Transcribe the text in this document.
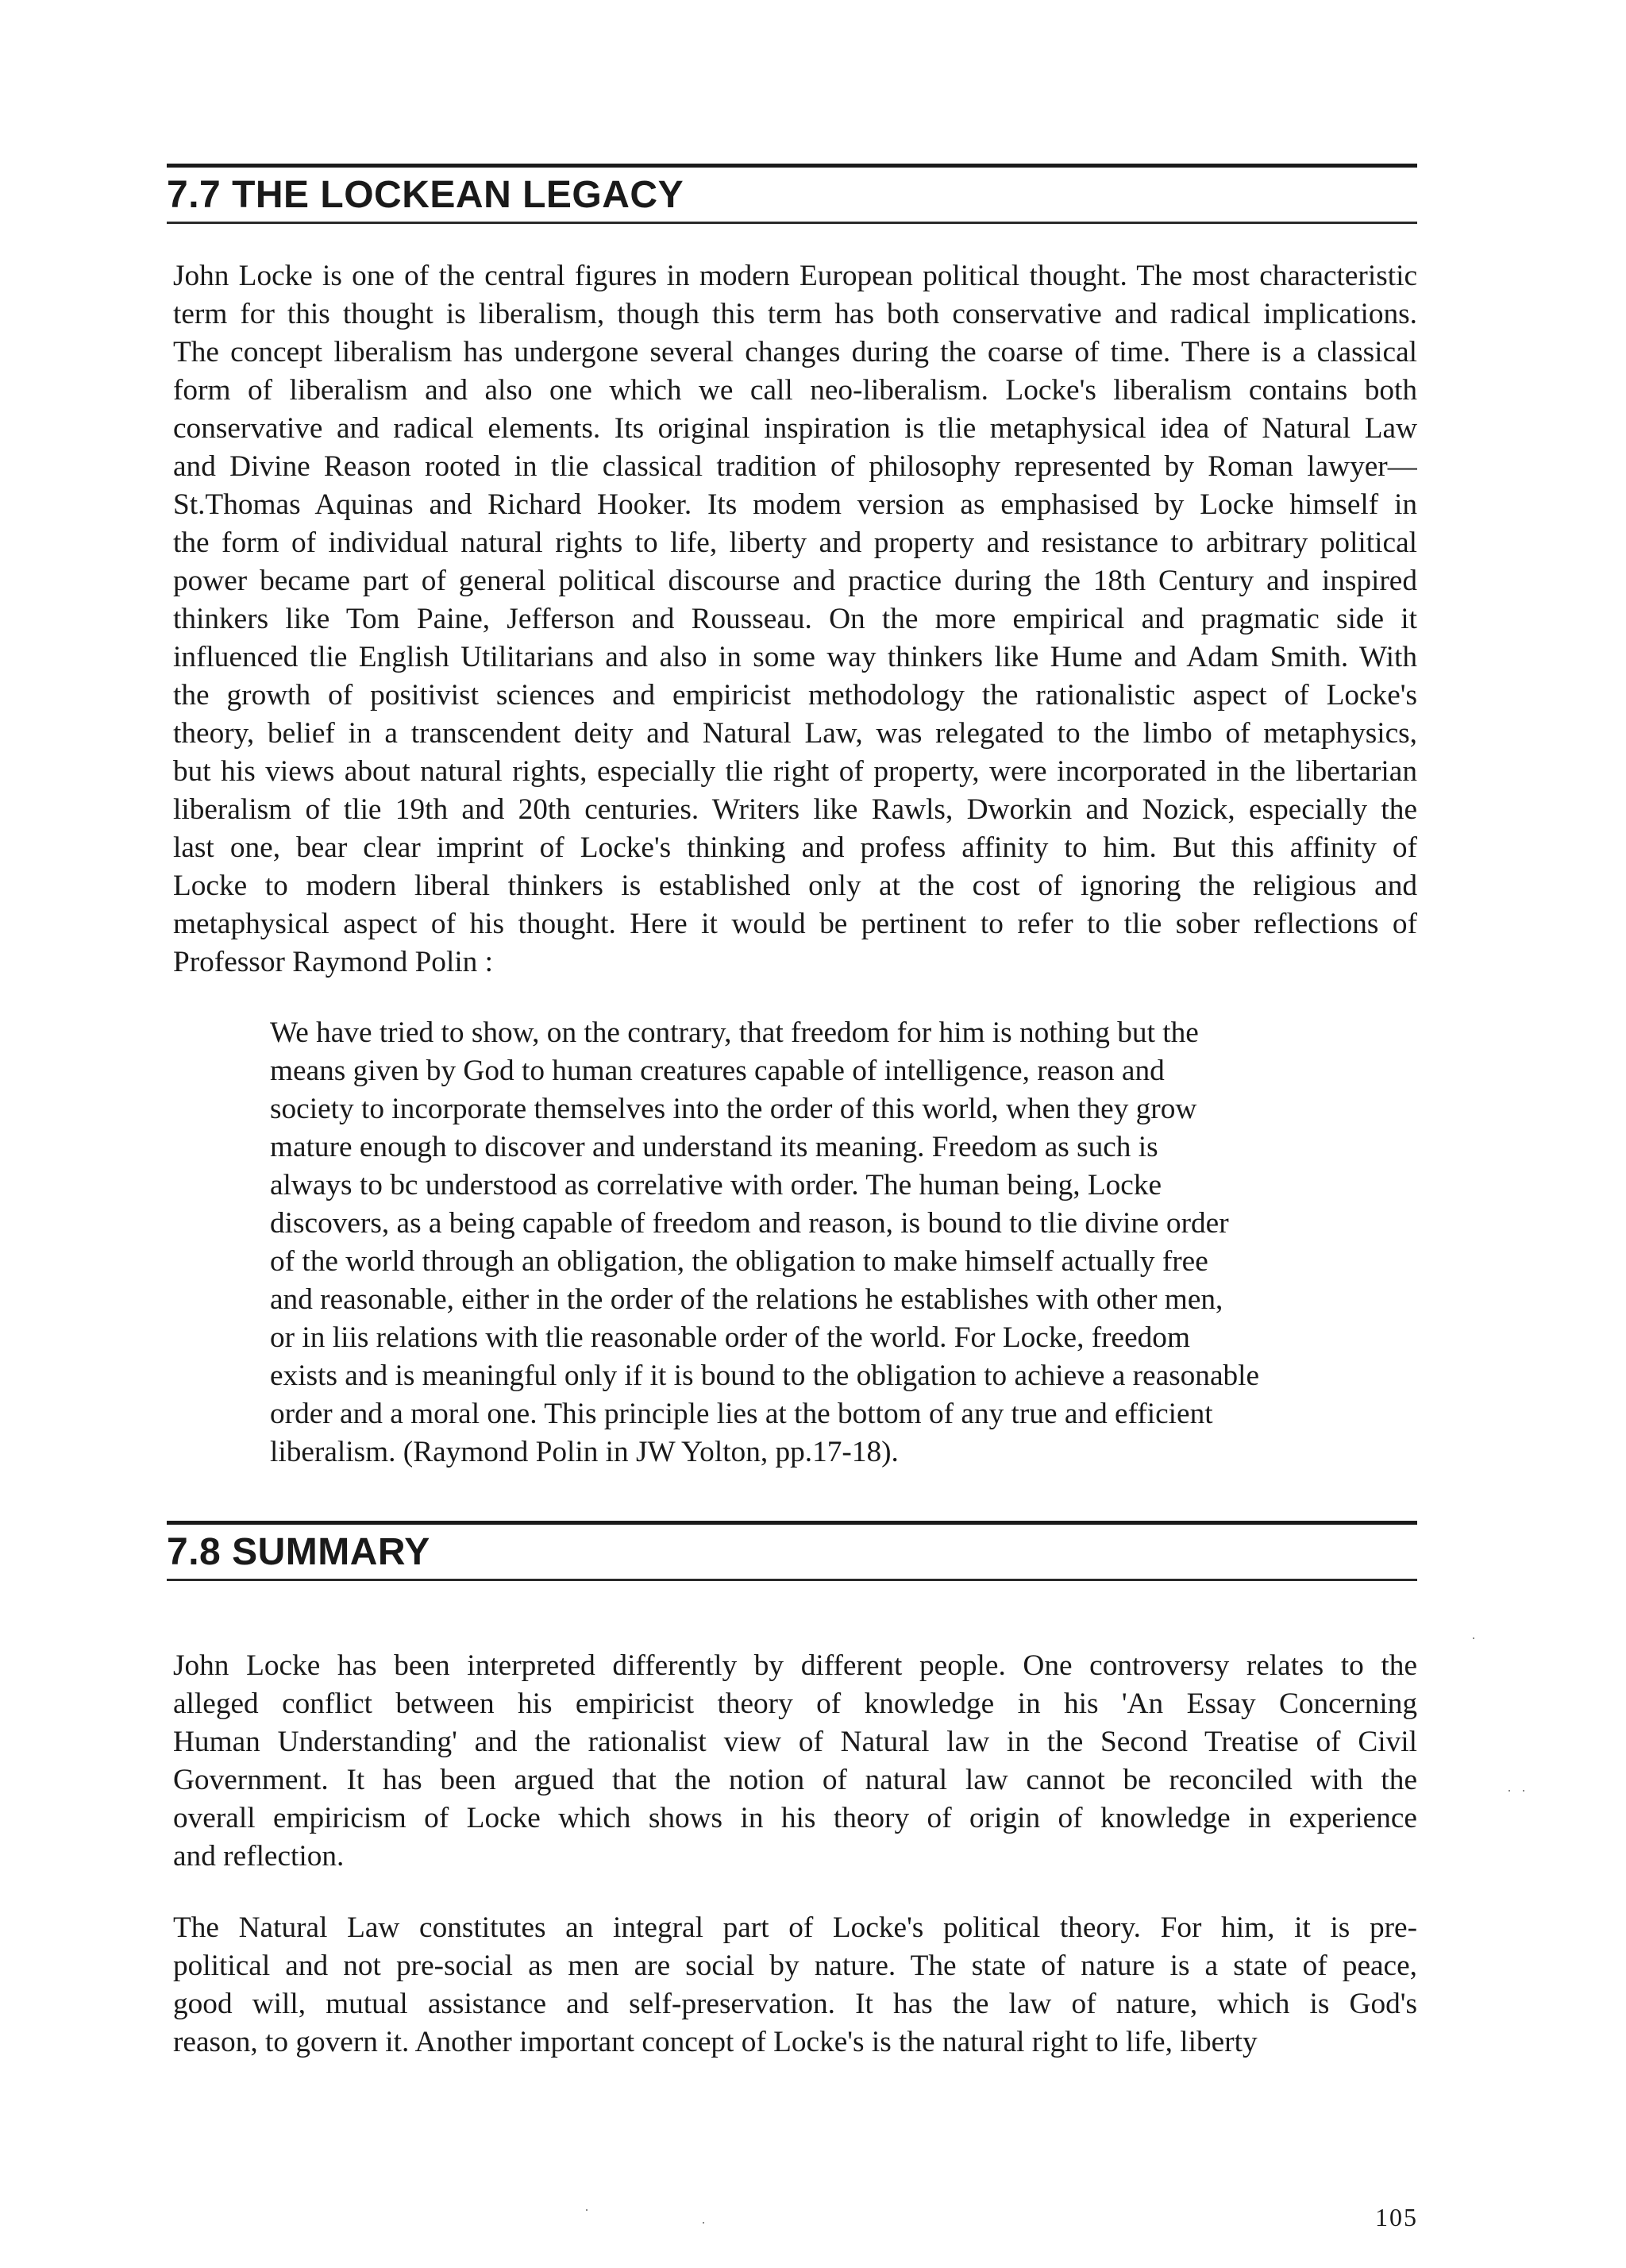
7.7 THE LOCKEAN LEGACY
John Locke is one of the central figures in modern European political thought. The most characteristic
term for this thought is liberalism, though this term has both conservative and radical implications.
The concept liberalism has undergone several changes during the coarse of time. There is a classical
form of liberalism and also one which we call neo-liberalism. Locke's liberalism contains both
conservative and radical elements. Its original inspiration is tlie metaphysical idea of Natural Law
and Divine Reason rooted in tlie classical tradition of philosophy represented by Roman lawyer—
St.Thomas Aquinas and Richard Hooker. Its modem version as emphasised by Locke himself in
the form of individual natural rights to life, liberty and property and resistance to arbitrary political
power became part of general political discourse and practice during the 18th Century and inspired
thinkers like Tom Paine, Jefferson and Rousseau. On the more empirical and pragmatic side it
influenced tlie English Utilitarians and also in some way thinkers like Hume and Adam Smith. With
the growth of positivist sciences and empiricist methodology the rationalistic aspect of Locke's
theory, belief in a transcendent deity and Natural Law, was relegated to the limbo of metaphysics,
but his views about natural rights, especially tlie right of property, were incorporated in the libertarian
liberalism of tlie 19th and 20th centuries. Writers like Rawls, Dworkin and Nozick, especially the
last one, bear clear imprint of Locke's thinking and profess affinity to him. But this affinity of
Locke to modern liberal thinkers is established only at the cost of ignoring the religious and
metaphysical aspect of his thought. Here it would be pertinent to refer to tlie sober reflections of
Professor Raymond Polin :
We have tried to show, on the contrary, that freedom for him is nothing but the
means given by God to human creatures capable of intelligence, reason and
society to incorporate themselves into the order of this world, when they grow
mature enough to discover and understand its meaning. Freedom as such is
always to bc understood as correlative with order. The human being, Locke
discovers, as a being capable of freedom and reason, is bound to tlie divine order
of the world through an obligation, the obligation to make himself actually free
and reasonable, either in the order of the relations he establishes with other men,
or in liis relations with tlie reasonable order of the world. For Locke, freedom
exists and is meaningful only if it is bound to the obligation to achieve a reasonable
order and a moral one. This principle lies at the bottom of any true and efficient
liberalism. (Raymond Polin in JW Yolton, pp.17-18).
7.8 SUMMARY
John Locke has been interpreted differently by different people. One controversy relates to the
alleged conflict between his empiricist theory of knowledge in his 'An Essay Concerning
Human Understanding' and the rationalist view of Natural law in the Second Treatise of Civil
Government. It has been argued that the notion of natural law cannot be reconciled with the
overall empiricism of Locke which shows in his theory of origin of knowledge in experience
and reflection.
The Natural Law constitutes an integral part of Locke's political theory. For him, it is pre-
political and not pre-social as men are social by nature. The state of nature is a state of peace,
good will, mutual assistance and self-preservation. It has the law of nature, which is God's
reason, to govern it. Another important concept of Locke's is the natural right to life, liberty
105
